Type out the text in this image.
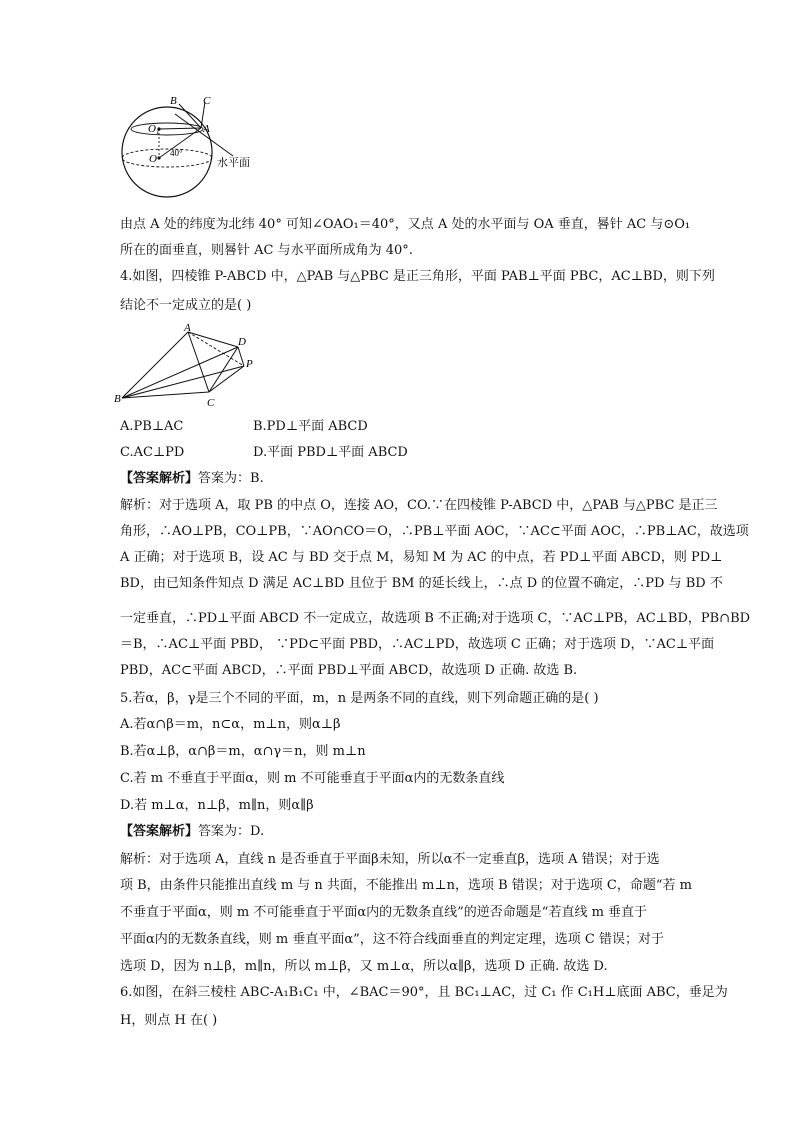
B C
A
O 1
O 40°
水平面
由点 A 处的纬度为北纬 40° 可知∠OAO₁＝40°，又点 A 处的水平面与 OA 垂直，晷针 AC 与⊙O₁
所在的面垂直，则晷针 AC 与水平面所成角为 40°.
4.如图，四棱锥 P-ABCD 中，△PAB 与△PBC 是正三角形，平面 PAB⊥平面 PBC，AC⊥BD，则下列
结论不一定成立的是( )
A
D
P
B	C
A.PB⊥AC	B.PD⊥平面 ABCD
C.AC⊥PD	D.平面 PBD⊥平面 ABCD
【答案解析】答案为：B.
解析：对于选项 A，取 PB 的中点 O，连接 AO，CO.∵在四棱锥 P-ABCD 中，△PAB 与△PBC 是正三
角形，∴AO⊥PB，CO⊥PB，∵AO∩CO＝O，∴PB⊥平面 AOC，∵AC⊂平面 AOC，∴PB⊥AC，故选项
A 正确；对于选项 B，设 AC 与 BD 交于点 M，易知 M 为 AC 的中点，若 PD⊥平面 ABCD，则 PD⊥
BD，由已知条件知点 D 满足 AC⊥BD 且位于 BM 的延长线上，∴点 D 的位置不确定，∴PD 与 BD 不
一定垂直，∴PD⊥平面 ABCD 不一定成立，故选项 B 不正确;对于选项 C，∵AC⊥PB，AC⊥BD，PB∩BD
＝B，∴AC⊥平面 PBD， ∵PD⊂平面 PBD，∴AC⊥PD，故选项 C 正确；对于选项 D，∵AC⊥平面
PBD，AC⊂平面 ABCD，∴平面 PBD⊥平面 ABCD，故选项 D 正确. 故选 B.
5.若α，β，γ是三个不同的平面，m，n 是两条不同的直线，则下列命题正确的是( )
A.若α∩β＝m，n⊂α，m⊥n，则α⊥β
B.若α⊥β，α∩β＝m，α∩γ＝n，则 m⊥n
C.若 m 不垂直于平面α，则 m 不可能垂直于平面α内的无数条直线
D.若 m⊥α，n⊥β，m∥n，则α∥β
【答案解析】答案为：D.
解析：对于选项 A，直线 n 是否垂直于平面β未知，所以α不一定垂直β，选项 A 错误；对于选
项 B，由条件只能推出直线 m 与 n 共面，不能推出 m⊥n，选项 B 错误；对于选项 C，命题“若 m
不垂直于平面α，则 m 不可能垂直于平面α内的无数条直线”的逆否命题是“若直线 m 垂直于
平面α内的无数条直线，则 m 垂直平面α”，这不符合线面垂直的判定定理，选项 C 错误；对于
选项 D，因为 n⊥β，m∥n，所以 m⊥β，又 m⊥α，所以α∥β，选项 D 正确. 故选 D.
6.如图，在斜三棱柱 ABC-A₁B₁C₁ 中，∠BAC＝90°，且 BC₁⊥AC，过 C₁ 作 C₁H⊥底面 ABC，垂足为
H，则点 H 在( )
